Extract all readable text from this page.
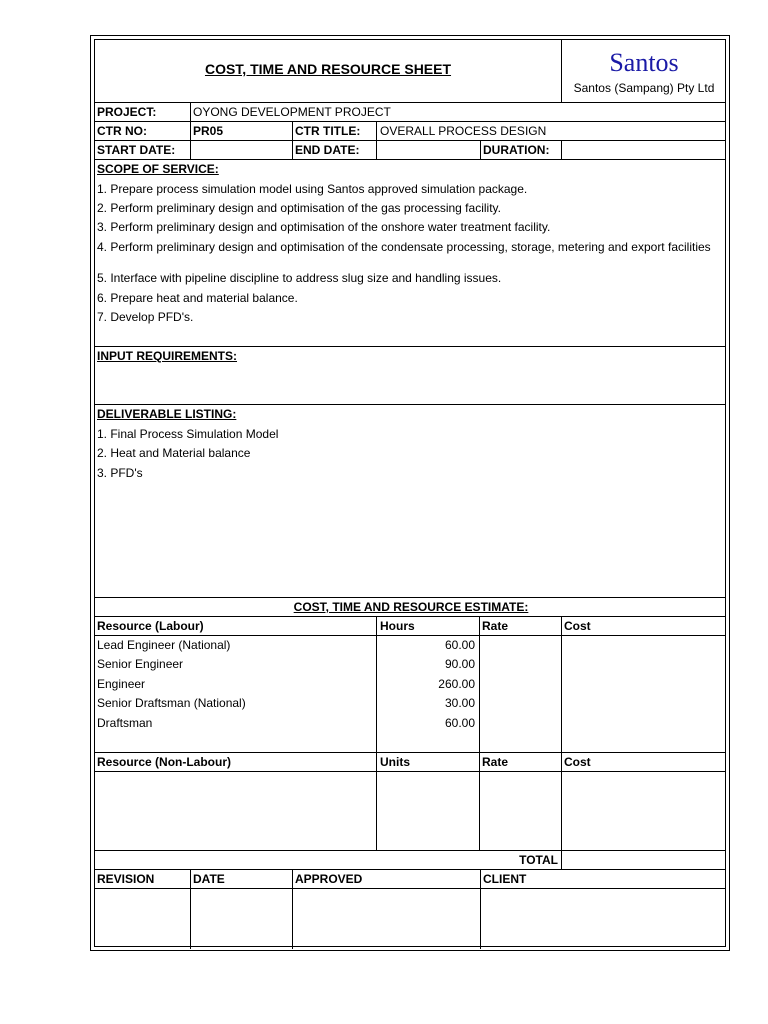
COST, TIME AND RESOURCE SHEET	Santos
Santos (Sampang) Pty Ltd
PROJECT:	OYONG DEVELOPMENT PROJECT
CTR NO:	PR05	CTR TITLE: OVERALL PROCESS DESIGN
START DATE:	END DATE:	DURATION:
SCOPE OF SERVICE:
1. Prepare process simulation model using Santos approved simulation package.
2. Perform preliminary design and optimisation of the gas processing facility.
3. Perform preliminary design and optimisation of the onshore water treatment facility.
4. Perform preliminary design and optimisation of the condensate processing, storage, metering and export facilities
5. Interface with pipeline discipline to address slug size and handling issues.
6. Prepare heat and material balance.
7. Develop PFD's.
INPUT REQUIREMENTS:
DELIVERABLE LISTING:
1. Final Process Simulation Model
2. Heat and Material balance
3. PFD's
COST, TIME AND RESOURCE ESTIMATE:
Resource (Labour)	Hours	Rate	Cost
Lead Engineer (National)	60.00
Senior Engineer	90.00
Engineer	260.00
Senior Draftsman (National)	30.00
Draftsman	60.00
Resource (Non-Labour)	Units	Rate	Cost
TOTAL
REVISION	DATE	APPROVED	CLIENT
